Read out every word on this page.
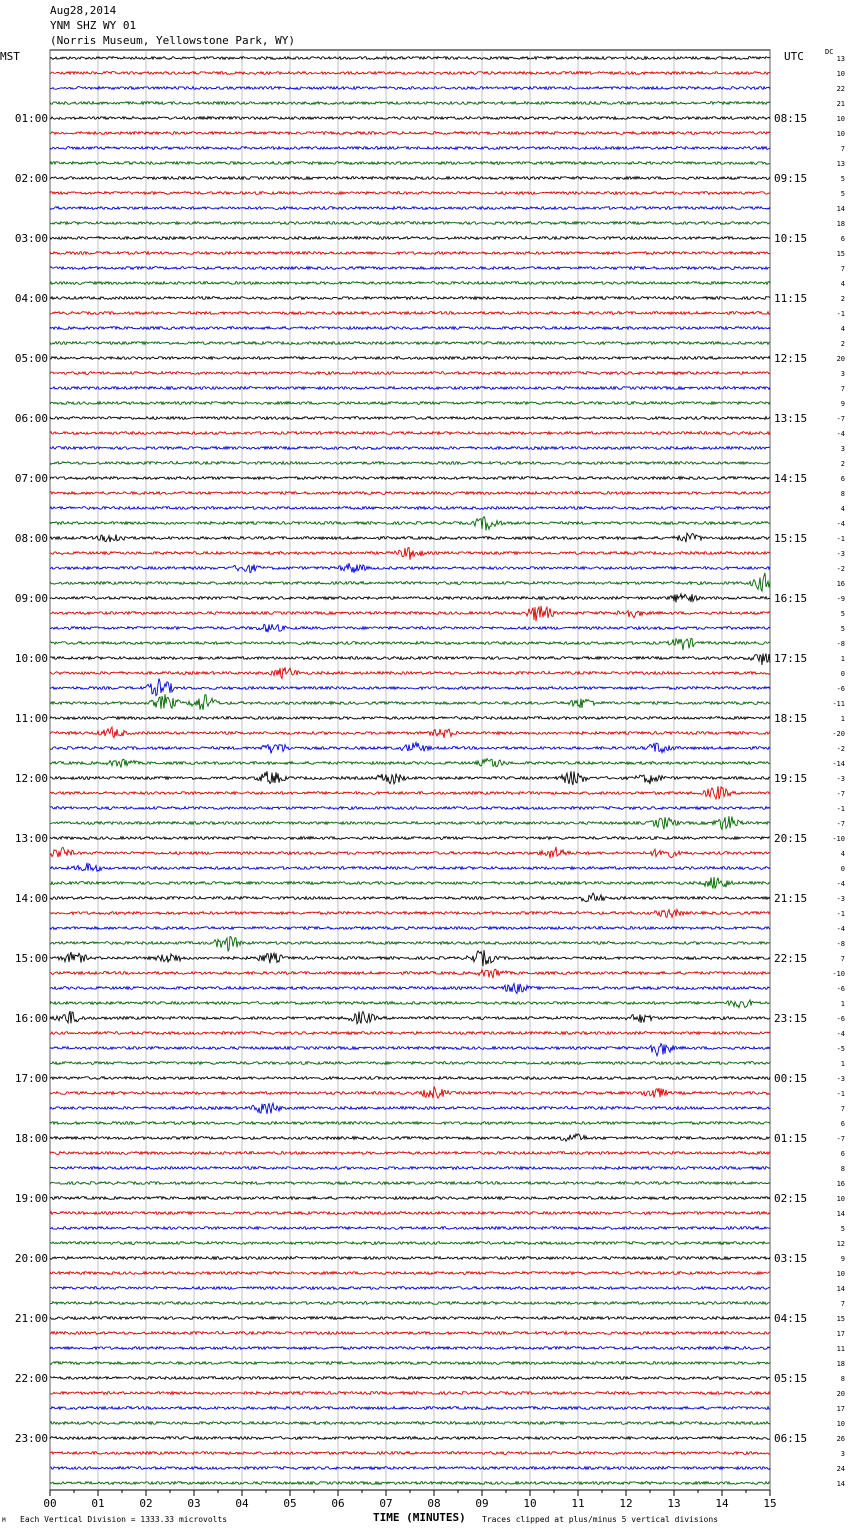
Aug28,2014
YNM SHZ WY 01
(Norris Museum, Yellowstone Park, WY)
MST	UTC	DC
00	01	02	03	04	05	06	07	08	09	10	11	12	13	14	15
13
10
22
21
10
10
7
13
5
5
14
18
6
15
7
4
2
-1
4
2
20
3
7
9
-7
-4
3
2
6
8
4
-4
-1
-3
-2
16
-9
5
5
-8
1
0
-6
-11
1
-20
-2
-14
-3
-7
-1
-7
-10
4
0
-4
-3
-1
-4
-8
7
-10
-6
1
-6
-4
-5
1
-3
-1
7
6
-7
6
8
16
10
14
5
12
9
10
14
7
15
17
11
18
8
20
17
10
26
3
24
14
01:00
02:00
03:00
04:00
05:00
06:00
07:00
08:00
09:00
10:00
11:00
12:00
13:00
14:00
15:00
16:00
17:00
18:00
19:00
20:00
21:00
22:00
23:00
08:15
09:15
10:15
11:15
12:15
13:15
14:15
15:15
16:15
17:15
18:15
19:15
20:15
21:15
22:15
23:15
00:15
01:15
02:15
03:15
04:15
05:15
06:15
TIME (MINUTES)
Each Vertical Division = 1333.33 microvolts	Traces clipped at plus/minus 5 vertical divisions
M
